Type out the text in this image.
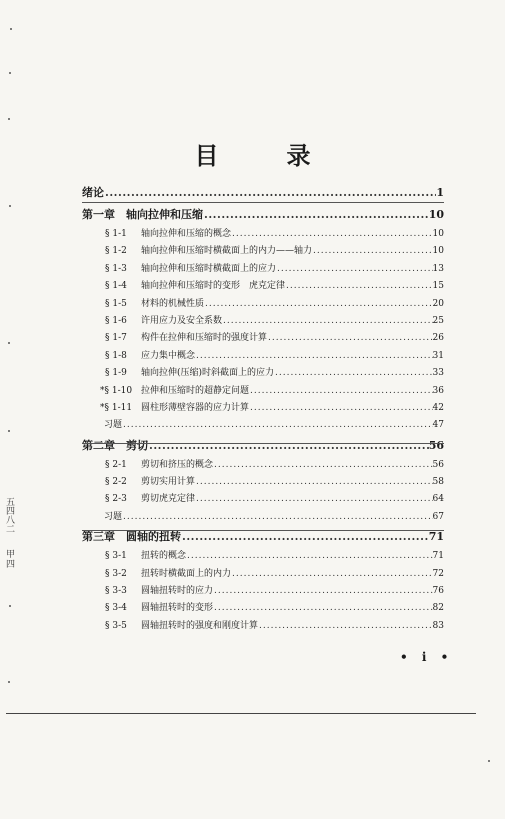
目　录
绪论 .....	1
第一章　轴向拉伸和压缩 .....	10
§ 1-1 轴向拉伸和压缩的概念 .....	10
§ 1-2 轴向拉伸和压缩时横截面上的内力——轴力 .....	10
§ 1-3 轴向拉伸和压缩时横截面上的应力 .....	13
§ 1-4 轴向拉伸和压缩时的变形　虎克定律 .....	15
§ 1-5 材料的机械性质 .....	20
§ 1-6 许用应力及安全系数 .....	25
§ 1-7 构件在拉伸和压缩时的强度计算 .....	26
§ 1-8 应力集中概念 .....	31
§ 1-9 轴向拉伸(压缩)时斜截面上的应力 .....	33
*§ 1-10 拉伸和压缩时的超静定问题 .....	36
*§ 1-11 圆柱形薄壁容器的应力计算 .....	42
习题 .....	47
第二章　剪切 .....	56
§ 2-1 剪切和挤压的概念 .....	56
§ 2-2 剪切实用计算 .....	58
§ 2-3 剪切虎克定律 .....	64
习题 .....	67
第三章　圆轴的扭转 .....	71
§ 3-1 扭转的概念 .....	71
§ 3-2 扭转时横截面上的内力 .....	72
§ 3-3 圆轴扭转时的应力 .....	76
§ 3-4 圆轴扭转时的变形 .....	82
§ 3-5 圆轴扭转时的强度和刚度计算 .....	83
• i •
五
四
八
二
甲
四
